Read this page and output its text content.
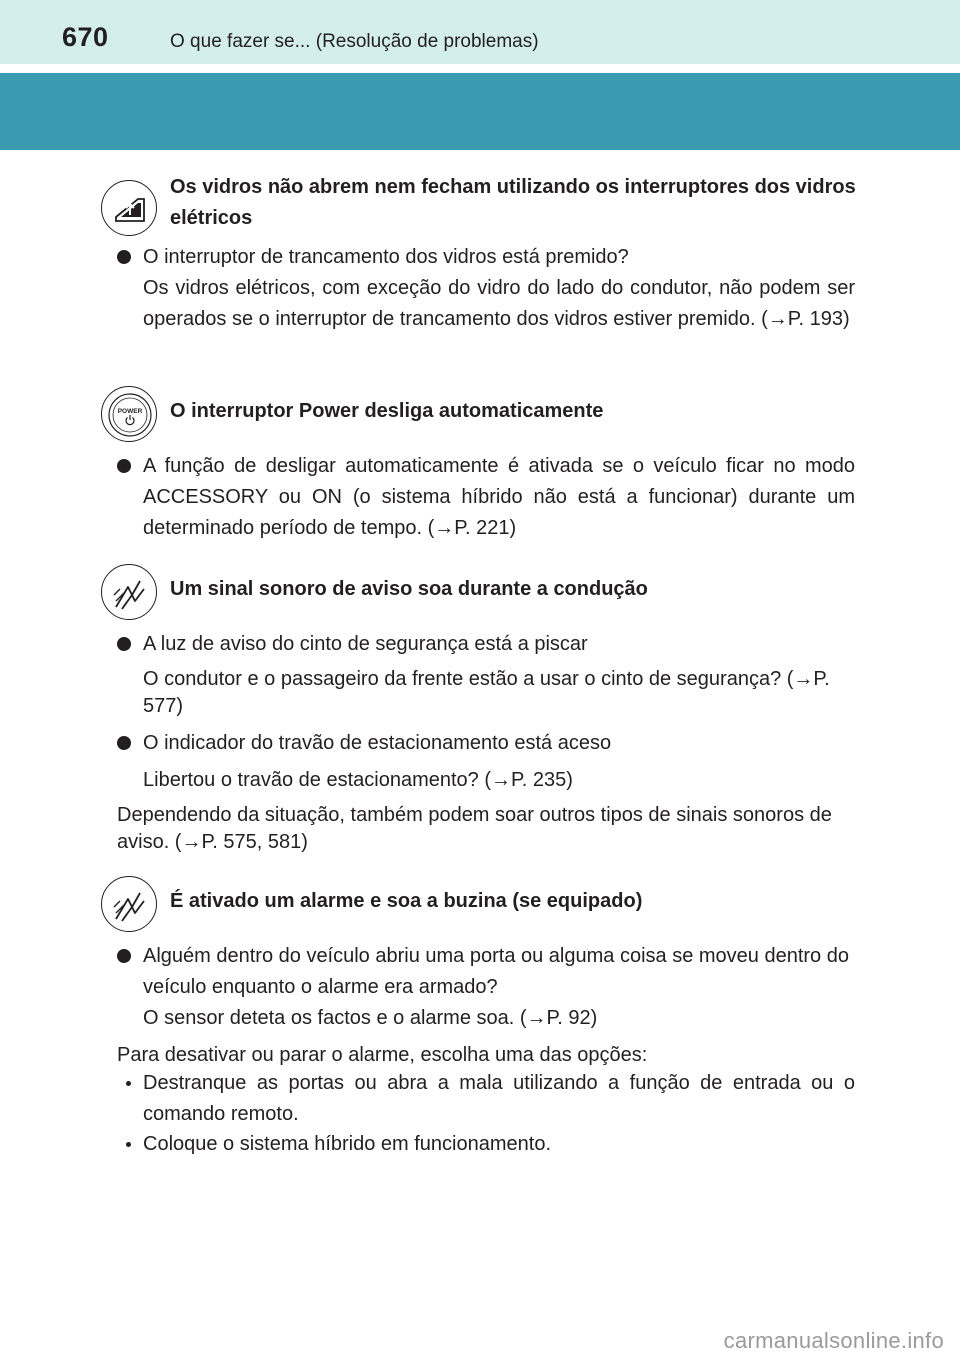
670	O que fazer se... (Resolução de problemas)
Os vidros não abrem nem fecham utilizando os interruptores dos vidros elétricos

O interruptor de trancamento dos vidros está premido?

Os vidros elétricos, com exceção do vidro do lado do condutor, não podem ser operados se o interruptor de trancamento dos vidros estiver premido. (→P. 193)

POWER O interruptor Power desliga automaticamente

A função de desligar automaticamente é ativada se o veículo ficar no modo ACCESSORY ou ON (o sistema híbrido não está a funcionar) durante um determinado período de tempo. (→P. 221)

Um sinal sonoro de aviso soa durante a condução

A luz de aviso do cinto de segurança está a piscar

O condutor e o passageiro da frente estão a usar o cinto de segurança? (→P. 577)

O indicador do travão de estacionamento está aceso

Libertou o travão de estacionamento? (→P. 235)

Dependendo da situação, também podem soar outros tipos de sinais sonoros de aviso. (→P. 575, 581)

É ativado um alarme e soa a buzina (se equipado)

Alguém dentro do veículo abriu uma porta ou alguma coisa se moveu dentro do veículo enquanto o alarme era armado?

O sensor deteta os factos e o alarme soa. (→P. 92)

Para desativar ou parar o alarme, escolha uma das opções:

Destranque as portas ou abra a mala utilizando a função de entrada ou o comando remoto.

Coloque o sistema híbrido em funcionamento.

carmanualsonline.info
